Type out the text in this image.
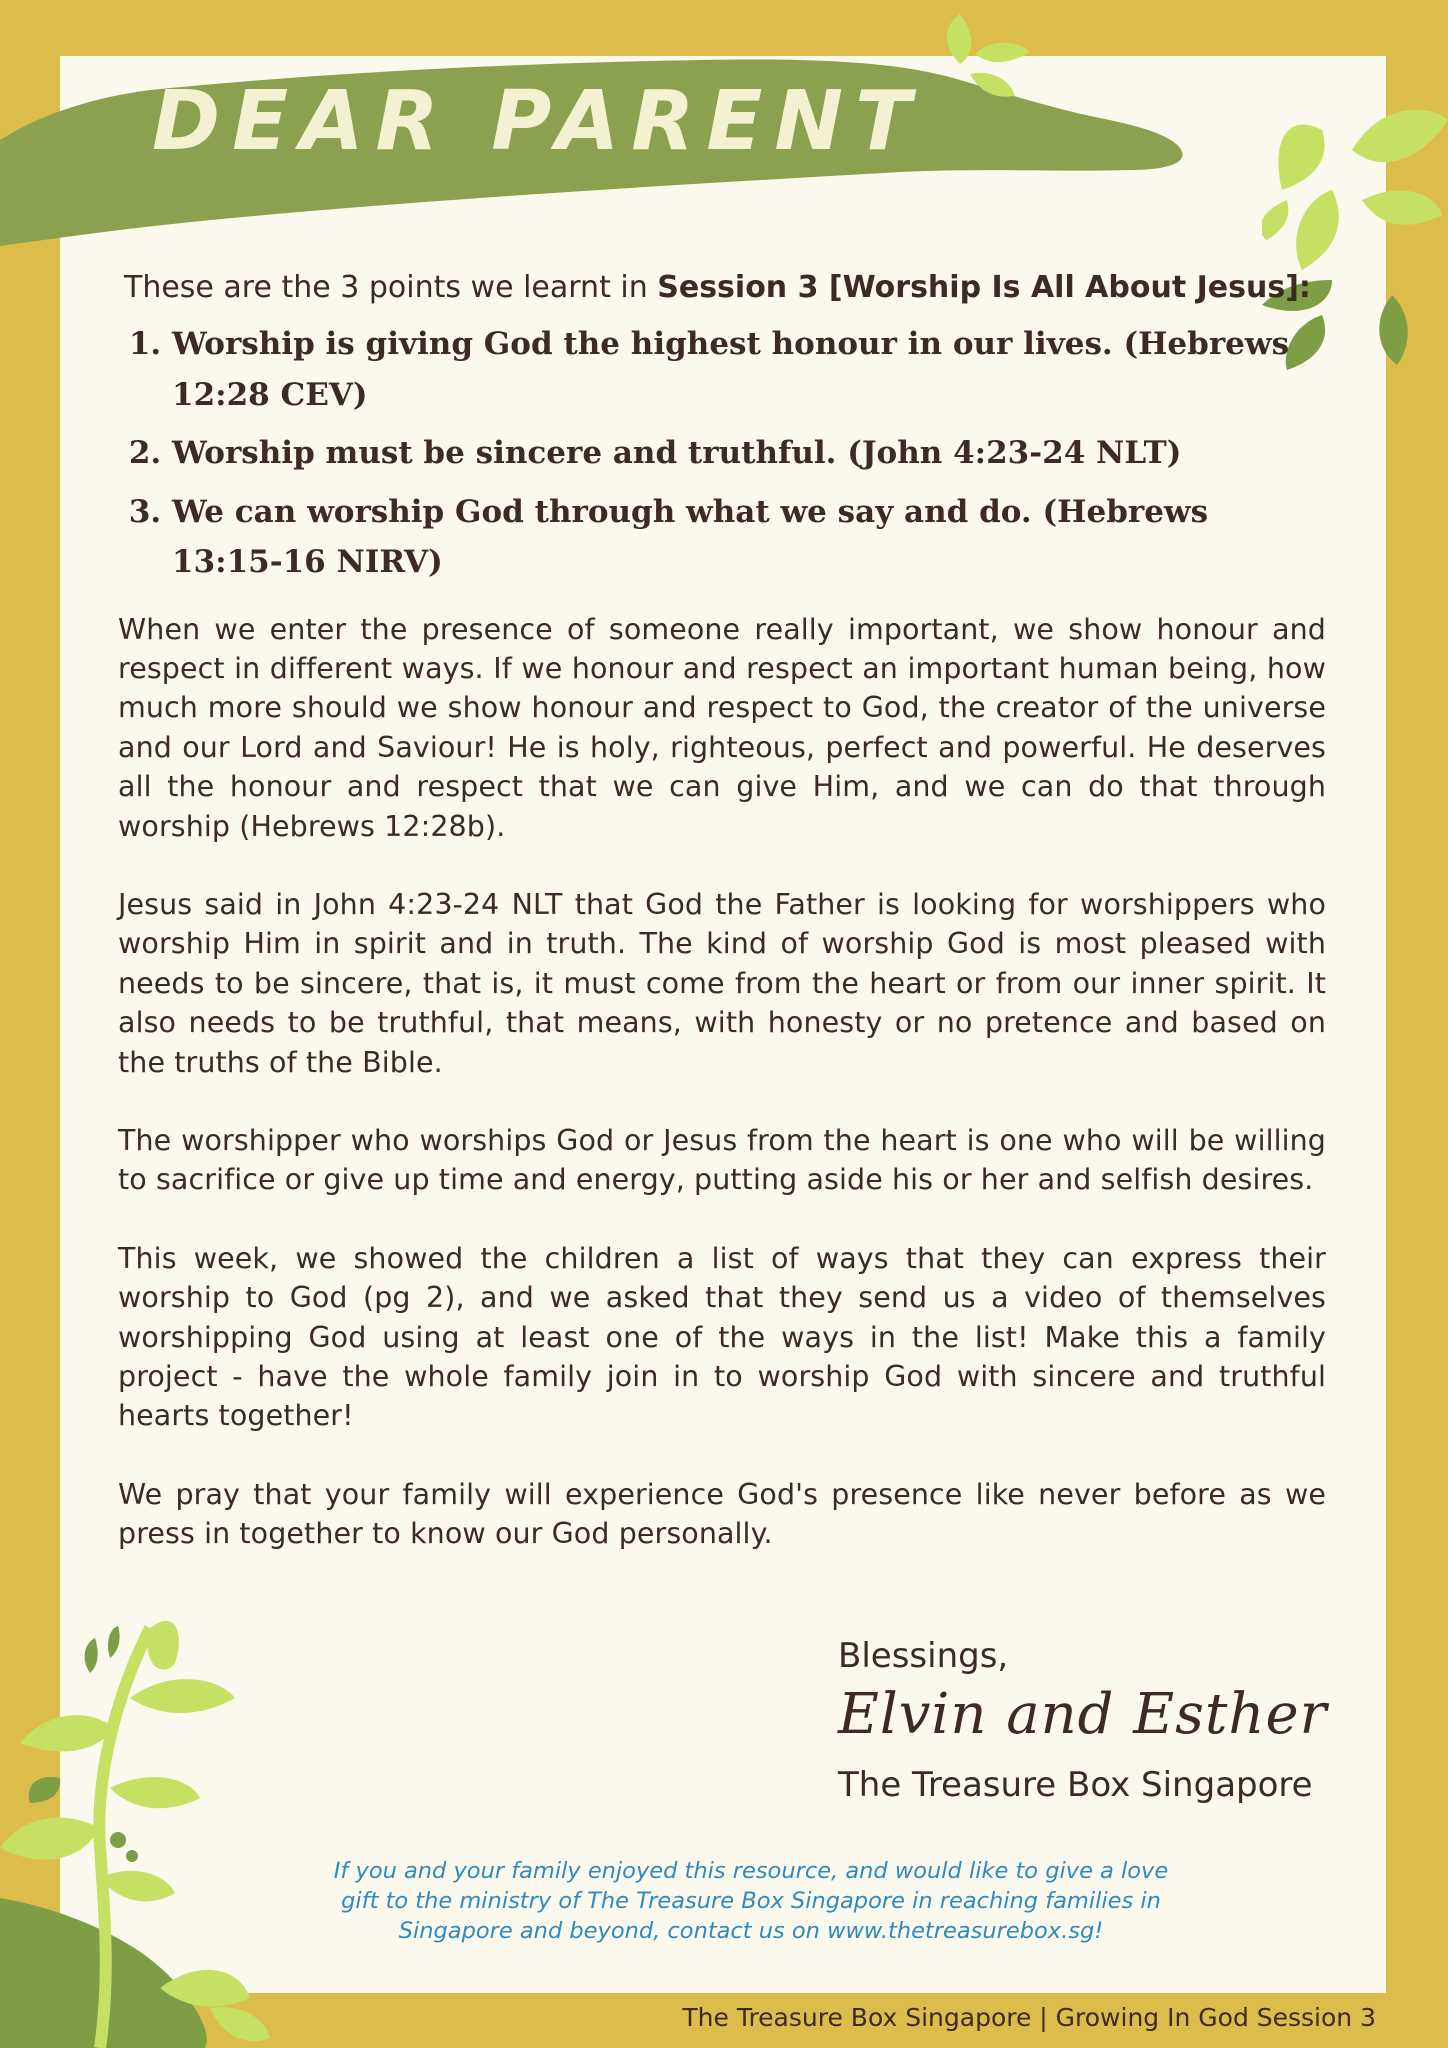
DEAR PARENT

These are the 3 points we learnt in Session 3 [Worship Is All About Jesus]:

1. Worship is giving God the highest honour in our lives. (Hebrews 12:28 CEV)
2. Worship must be sincere and truthful. (John 4:23-24 NLT)
3. We can worship God through what we say and do. (Hebrews 13:15-16 NIRV)

When we enter the presence of someone really important, we show honour and respect in different ways. If we honour and respect an important human being, how much more should we show honour and respect to God, the creator of the universe and our Lord and Saviour! He is holy, righteous, perfect and powerful. He deserves all the honour and respect that we can give Him, and we can do that through worship (Hebrews 12:28b).

Jesus said in John 4:23-24 NLT that God the Father is looking for worshippers who worship Him in spirit and in truth. The kind of worship God is most pleased with needs to be sincere, that is, it must come from the heart or from our inner spirit. It also needs to be truthful, that means, with honesty or no pretence and based on the truths of the Bible.

The worshipper who worships God or Jesus from the heart is one who will be willing to sacrifice or give up time and energy, putting aside his or her and selfish desires.

This week, we showed the children a list of ways that they can express their worship to God (pg 2), and we asked that they send us a video of themselves worshipping God using at least one of the ways in the list! Make this a family project - have the whole family join in to worship God with sincere and truthful hearts together!

We pray that your family will experience God's presence like never before as we press in together to know our God personally.

Blessings,

Elvin and Esther

The Treasure Box Singapore

If you and your family enjoyed this resource, and would like to give a love gift to the ministry of The Treasure Box Singapore in reaching families in Singapore and beyond, contact us on www.thetreasurebox.sg!

The Treasure Box Singapore | Growing In God Session 3
